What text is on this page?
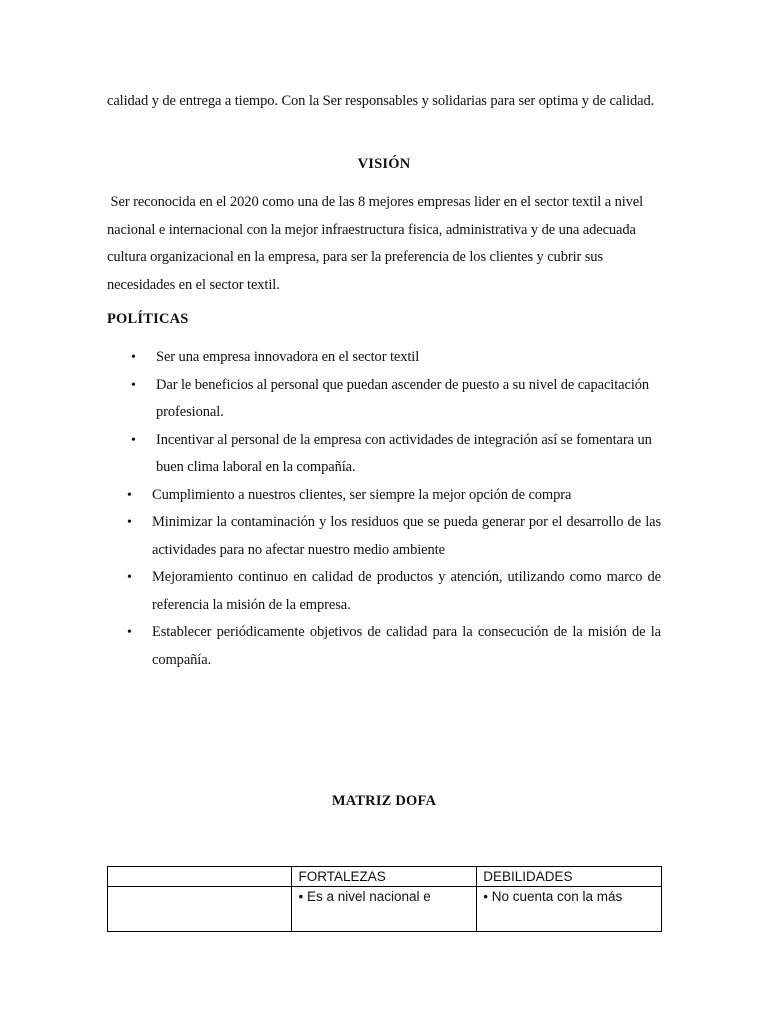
calidad y de entrega a tiempo. Con la Ser responsables y solidarias para ser optima y de calidad.
VISIÓN
Ser reconocida en el 2020 como una de las 8 mejores empresas lider en el sector textil a nivel nacional e internacional con la mejor infraestructura fisica, administrativa y de una adecuada cultura organizacional en la empresa, para ser la preferencia de los clientes y cubrir sus necesidades en el sector textil.
POLÍTICAS
• Ser una empresa innovadora en el sector textil
• Dar le beneficios al personal que puedan ascender de puesto a su nivel de capacitación profesional.
• Incentivar al personal de la empresa con actividades de integración así se fomentara un buen clima laboral en la compañía.
• Cumplimiento a nuestros clientes, ser siempre la mejor opción de compra
• Minimizar la contaminación y los residuos que se pueda generar por el desarrollo de las actividades para no afectar nuestro medio ambiente
• Mejoramiento continuo en calidad de productos y atención, utilizando como marco de referencia la misión de la empresa.
• Establecer periódicamente objetivos de calidad para la consecución de la misión de la compañía.
MATRIZ DOFA
	FORTALEZAS	DEBILIDADES
	• Es a nivel nacional e	• No cuenta con la más
